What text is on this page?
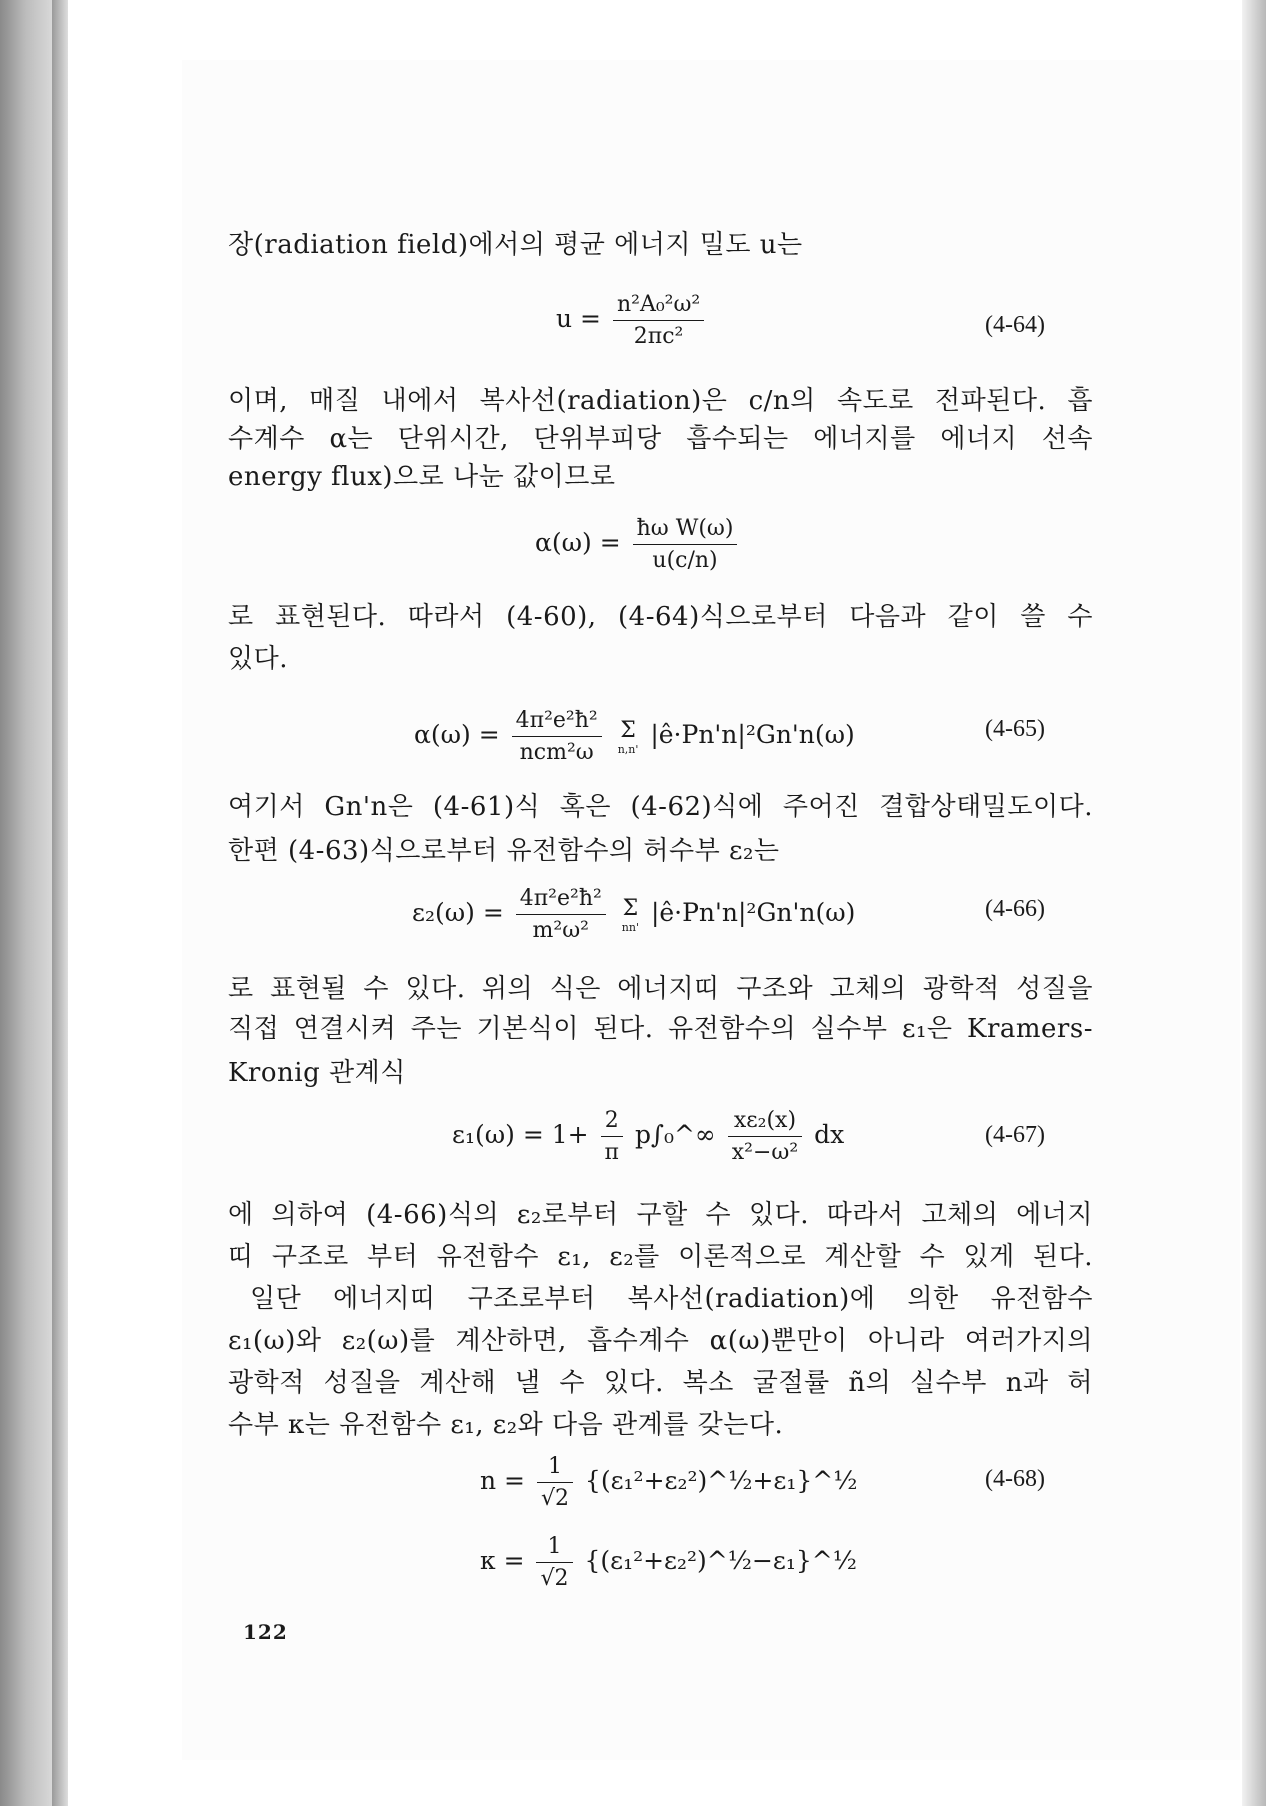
장(radiation field)에서의 평균 에너지 밀도 u는
$u = \frac{\text{n²A₀²ω²}}{\text{2πc²}}$	(4-64)
이며, 매질 내에서 복사선(radiation)은 c/n의 속도로 전파된다. 흡
수계수 α는 단위시간, 단위부피당 흡수되는 에너지를 에너지 선속
energy flux)으로 나눈 값이므로
$\alpha(\omega) = \frac{\text{ħω W(ω)}}{u(c/n)}$
로 표현된다. 따라서 (4-60), (4-64)식으로부터 다음과 같이 쓸 수
있다.
$\alpha(\omega) = \frac{\text{4π²e²ħ²}}{\text{ncm²ω}}$ Σ
n,n' |ê·Pn'n|²Gn'n(ω)	(4-65)
여기서 Gn'n은 (4-61)식 혹은 (4-62)식에 주어진 결합상태밀도이다.
한편 (4-63)식으로부터 유전함수의 허수부 ε₂는
$\varepsilon_2(\omega) = \frac{\text{4π²e²ħ²}}{\text{m²ω²}}$ Σ
nn' |ê·Pn'n|²Gn'n(ω)	(4-66)
로 표현될 수 있다. 위의 식은 에너지띠 구조와 고체의 광학적 성질을
직접 연결시켜 주는 기본식이 된다. 유전함수의 실수부 ε₁은 Kramers-
Kronig 관계식
$\varepsilon_1(\omega) = 1+ \frac{2}{\pi}$ p∫₀^∞ $\frac{\text{xε₂(x)}}{\text{x²−ω²}}$ dx	(4-67)
에 의하여 (4-66)식의 ε₂로부터 구할 수 있다. 따라서 고체의 에너지
띠 구조로 부터 유전함수 ε₁, ε₂를 이론적으로 계산할 수 있게 된다.
일단 에너지띠 구조로부터 복사선(radiation)에 의한 유전함수
ε₁(ω)와 ε₂(ω)를 계산하면, 흡수계수 α(ω)뿐만이 아니라 여러가지의
광학적 성질을 계산해 낼 수 있다. 복소 굴절률 ñ의 실수부 n과 허
수부 κ는 유전함수 ε₁, ε₂와 다음 관계를 갖는다.
$n = \frac{1}{√2}$ {(ε₁²+ε₂²)^½+ε₁}^½	(4-68)
$\kappa = \frac{1}{√2}$ {(ε₁²+ε₂²)^½−ε₁}^½
122
